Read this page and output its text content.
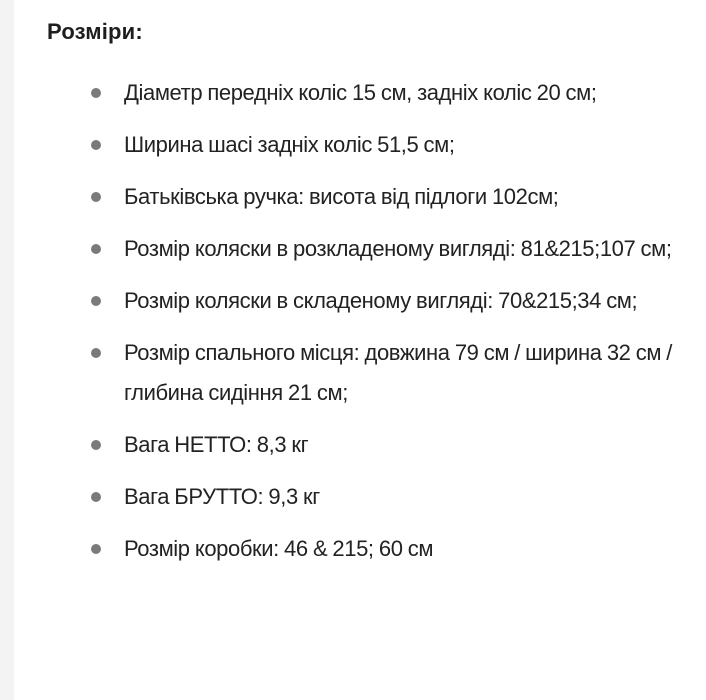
Розміри:
Діаметр передніх коліс 15 см, задніх коліс 20 см;
Ширина шасі задніх коліс 51,5 см;
Батьківська ручка: висота від підлоги 102см;
Розмір коляски в розкладеному вигляді: 81&215;107 см;
Розмір коляски в складеному вигляді: 70&215;34 см;
Розмір спального місця: довжина 79 см / ширина 32 см / глибина сидіння 21 см;
Вага НЕТТО: 8,3 кг
Вага БРУТТО: 9,3 кг
Розмір коробки: 46 & 215; 60 см
